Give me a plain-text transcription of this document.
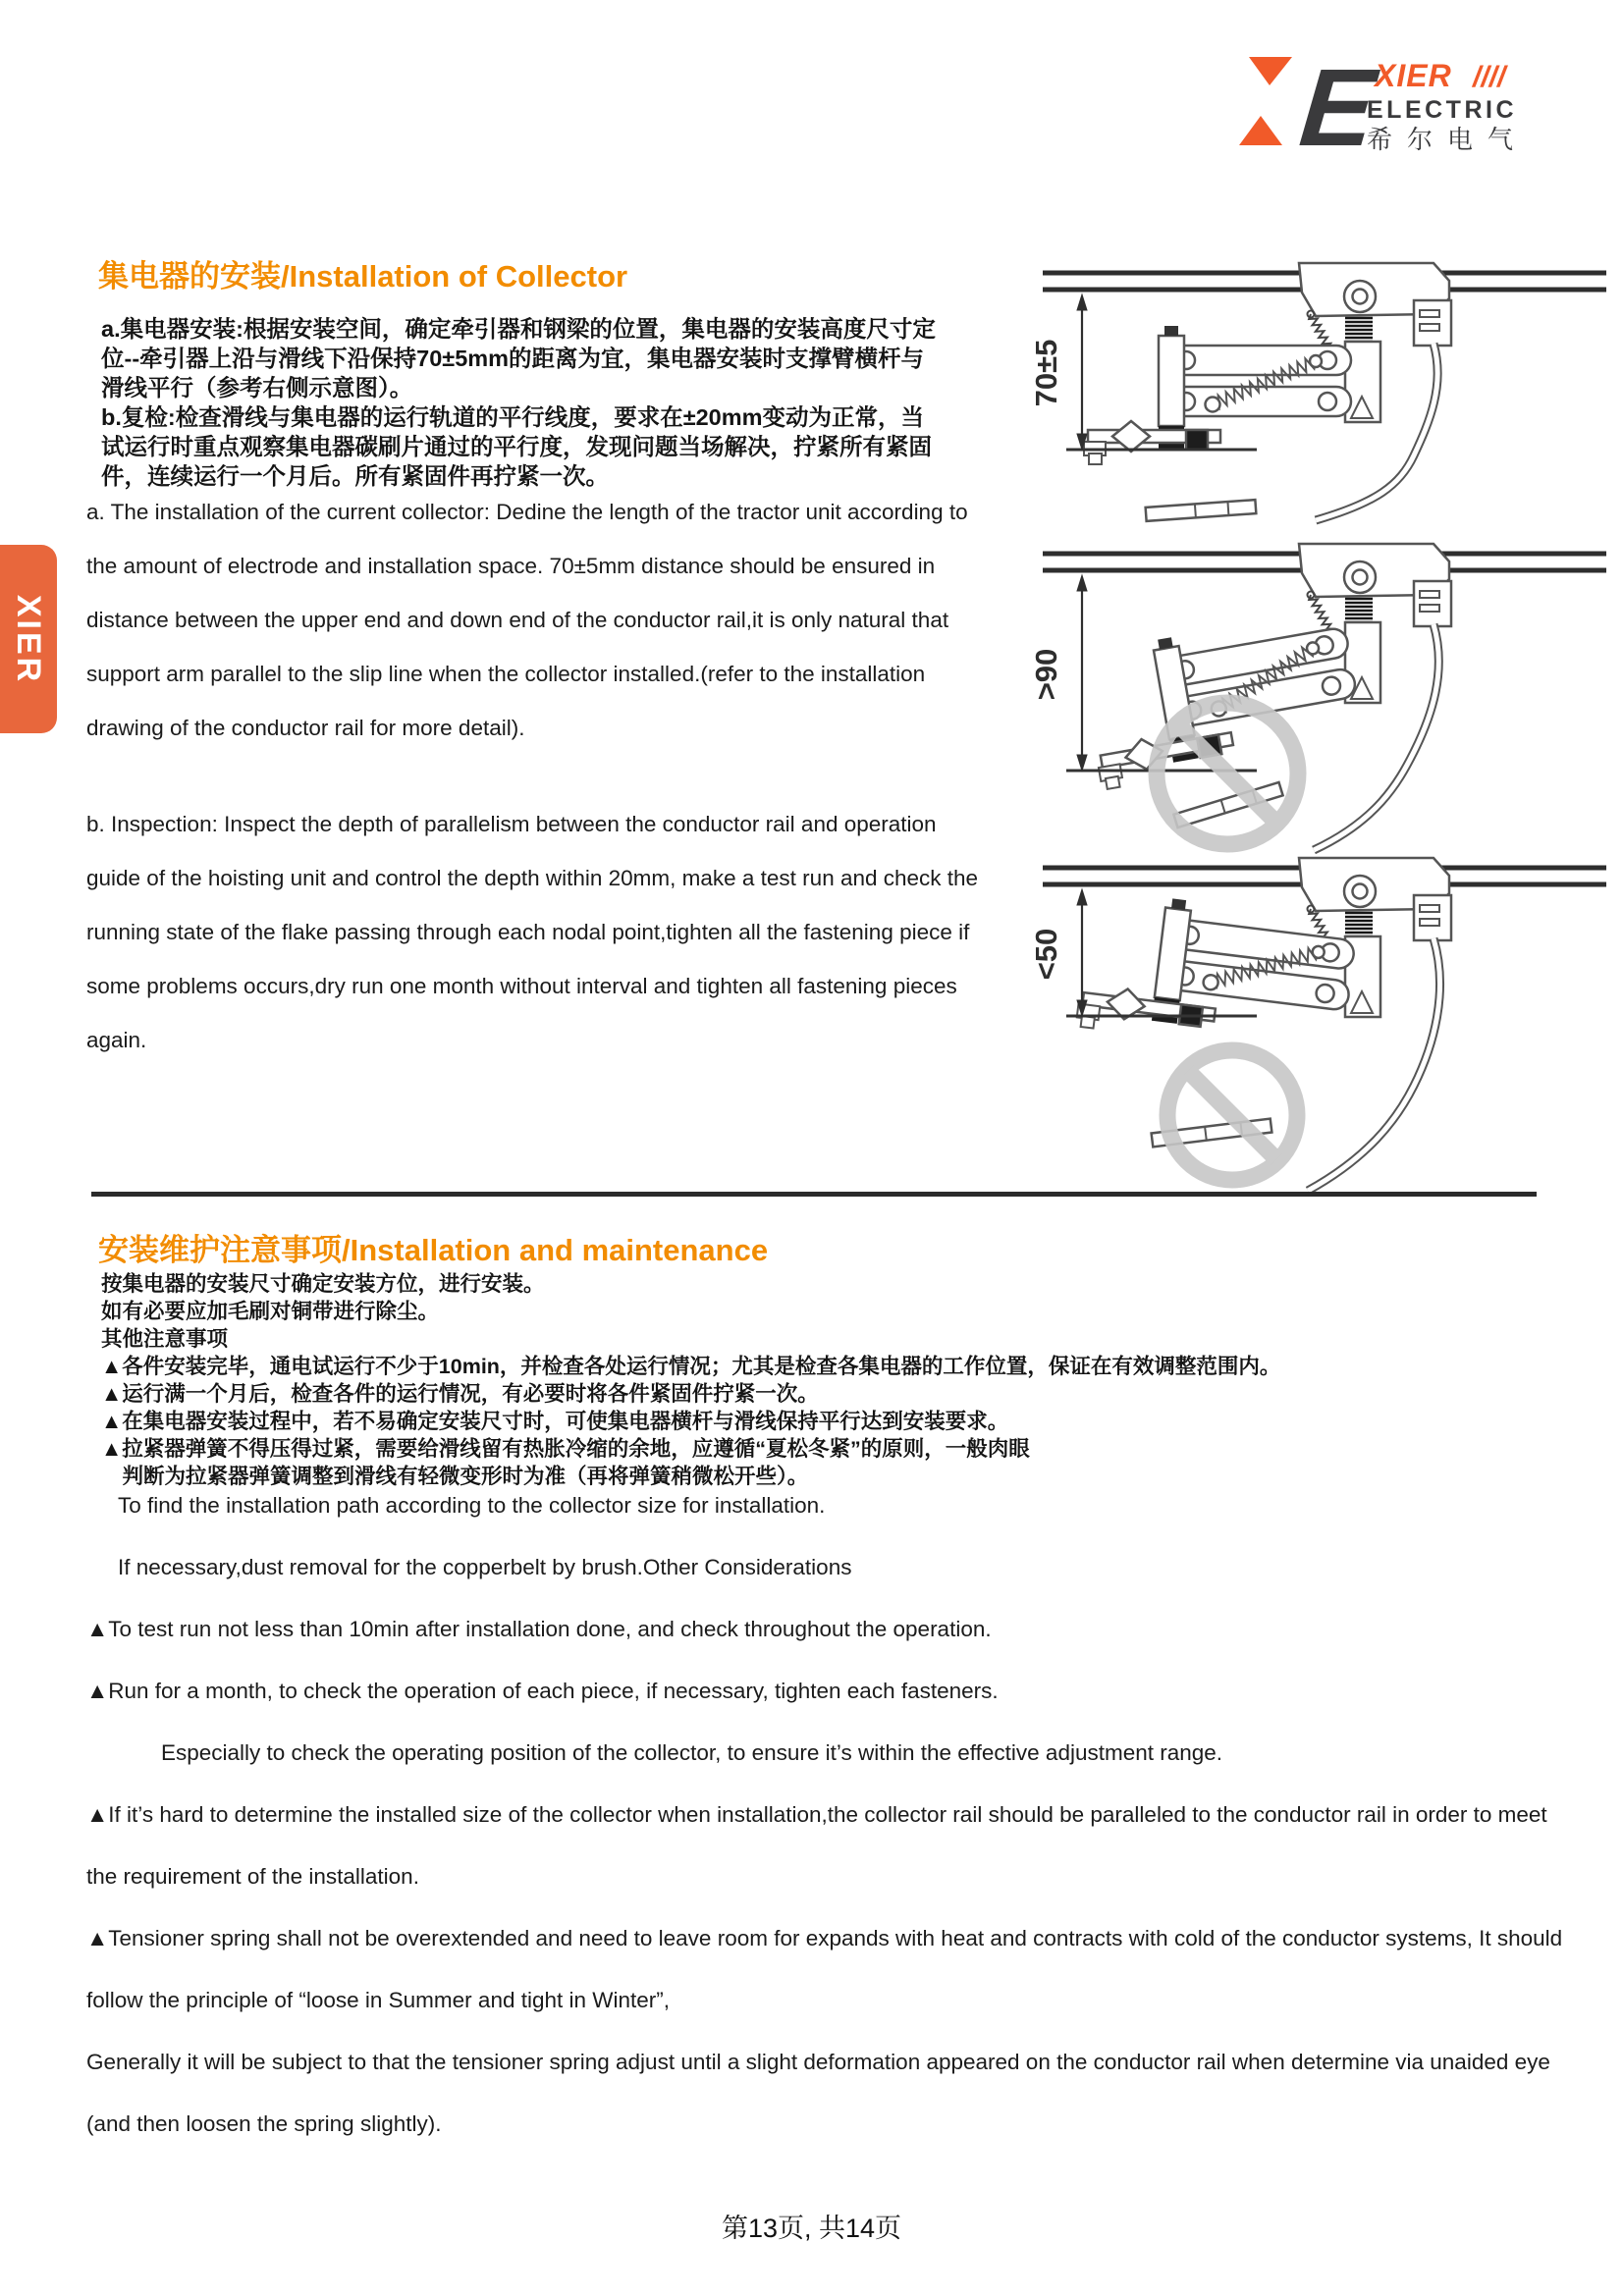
XIER
E
XIER ////
ELECTRIC
希尔电气
集电器的安装/Installation of Collector
a.集电器安装:根据安装空间，确定牵引器和钢梁的位置，集电器的安装高度尺寸定
位--牵引器上沿与滑线下沿保持70±5mm的距离为宜，集电器安装时支撑臂横杆与
滑线平行（参考右侧示意图）。
b.复检:检查滑线与集电器的运行轨道的平行线度，要求在±20mm变动为正常，当
试运行时重点观察集电器碳刷片通过的平行度，发现问题当场解决，拧紧所有紧固
件，连续运行一个月后。所有紧固件再拧紧一次。
a. The installation of the current collector: Dedine the length of the tractor unit according to the amount of electrode and installation space. 70±5mm distance should be ensured in distance between the upper end and down end of the conductor rail,it is only natural that support arm parallel to the slip line when the collector installed.(refer to the installation drawing of the conductor rail for more detail).
b. Inspection: Inspect the depth of parallelism between the conductor rail and operation guide of the hoisting unit and control the depth within 20mm, make a test run and check the running state of the flake passing through each nodal point,tighten all the fastening piece if some problems occurs,dry run one month without interval and tighten all fastening pieces again.
70±5
>90
<50
安装维护注意事项/Installation and maintenance
按集电器的安装尺寸确定安装方位，进行安装。
如有必要应加毛刷对铜带进行除尘。
其他注意事项
▲各件安装完毕，通电试运行不少于10min，并检查各处运行情况；尤其是检查各集电器的工作位置，保证在有效调整范围内。
▲运行满一个月后，检查各件的运行情况，有必要时将各件紧固件拧紧一次。
▲在集电器安装过程中，若不易确定安装尺寸时，可使集电器横杆与滑线保持平行达到安装要求。
▲拉紧器弹簧不得压得过紧，需要给滑线留有热胀冷缩的余地，应遵循“夏松冬紧”的原则，一般肉眼
　判断为拉紧器弹簧调整到滑线有轻微变形时为准（再将弹簧稍微松开些）。
To find the installation path according to the collector size for installation.
If necessary,dust removal for the copperbelt by brush.Other Considerations
▲To test run not less than 10min after installation done, and check throughout the operation.
▲Run for a month, to check the operation of each piece, if necessary, tighten each fasteners.
Especially to check the operating position of the collector, to ensure it’s within the effective adjustment range.
▲If it’s hard to determine the installed size of the collector when installation,the collector rail should be paralleled to the conductor rail in order to meet the requirement of the installation.
▲Tensioner spring shall not be overextended and need to leave room for expands with heat and contracts with cold of the conductor systems, It should follow the principle of “loose in Summer and tight in Winter”,
Generally it will be subject to that the tensioner spring adjust until a slight deformation appeared on the conductor rail when determine via unaided eye (and then loosen the spring slightly).
第13页, 共14页
